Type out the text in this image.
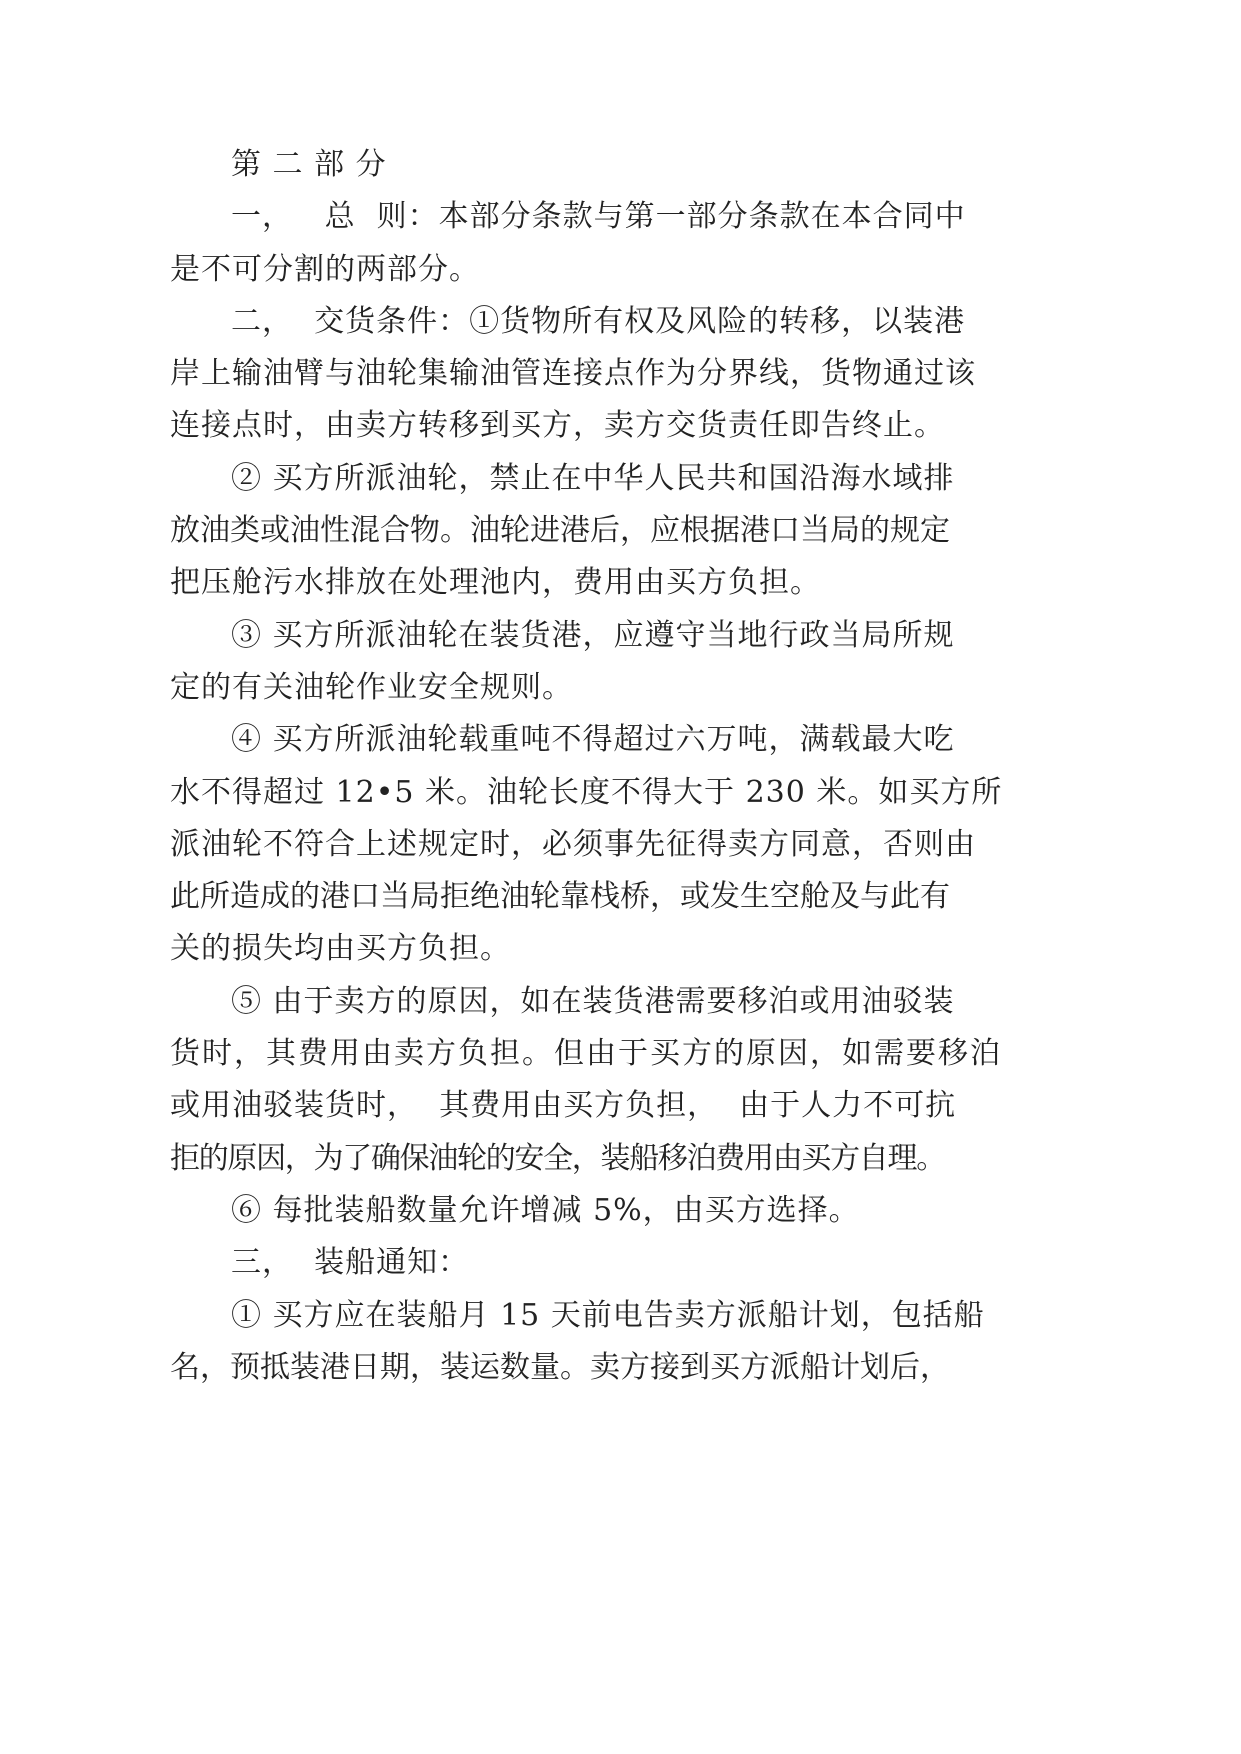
第 二 部 分
一，   总  则：本部分条款与第一部分条款在本合同中
是不可分割的两部分。
二，  交货条件：①货物所有权及风险的转移，以装港
岸上输油臂与油轮集输油管连接点作为分界线，货物通过该
连接点时，由卖方转移到买方，卖方交货责任即告终止。
② 买方所派油轮，禁止在中华人民共和国沿海水域排
放油类或油性混合物。油轮进港后，应根据港口当局的规定
把压舱污水排放在处理池内，费用由买方负担。
③ 买方所派油轮在装货港，应遵守当地行政当局所规
定的有关油轮作业安全规则。
④ 买方所派油轮载重吨不得超过六万吨，满载最大吃
水不得超过 12•5 米。油轮长度不得大于 230 米。如买方所
派油轮不符合上述规定时，必须事先征得卖方同意，否则由
此所造成的港口当局拒绝油轮靠栈桥，或发生空舱及与此有
关的损失均由买方负担。
⑤ 由于卖方的原因，如在装货港需要移泊或用油驳装
货时，其费用由卖方负担。但由于买方的原因，如需要移泊
或用油驳装货时，  其费用由买方负担，  由于人力不可抗
拒的原因，为了确保油轮的安全，装船移泊费用由买方自理。
⑥ 每批装船数量允许增减 5%，由买方选择。
三，  装船通知：
① 买方应在装船月 15 天前电告卖方派船计划，包括船
名，预抵装港日期，装运数量。卖方接到买方派船计划后，
